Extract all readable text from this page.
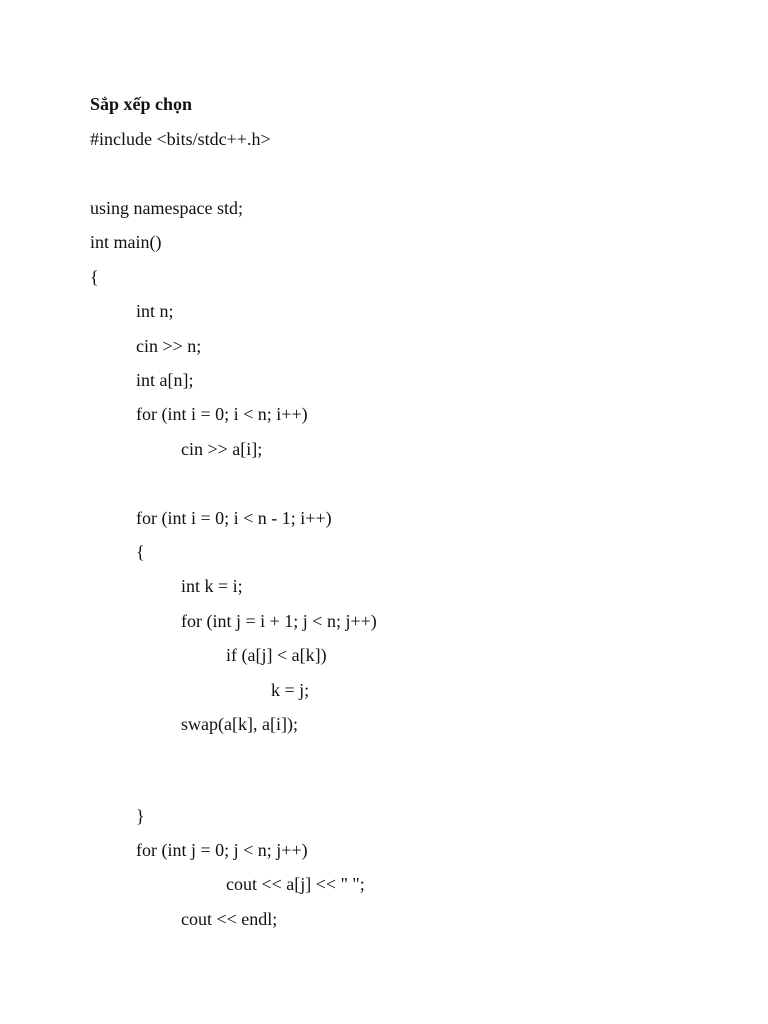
Sắp xếp chọn
#include <bits/stdc++.h>
using namespace std;
int main()
{
int n;
cin >> n;
int a[n];
for (int i = 0; i < n; i++)
cin >> a[i];
for (int i = 0; i < n - 1; i++)
{
int k = i;
for (int j = i + 1; j < n; j++)
if (a[j] < a[k])
k = j;
swap(a[k], a[i]);
}
for (int j = 0; j < n; j++)
cout << a[j] << " ";
cout << endl;
